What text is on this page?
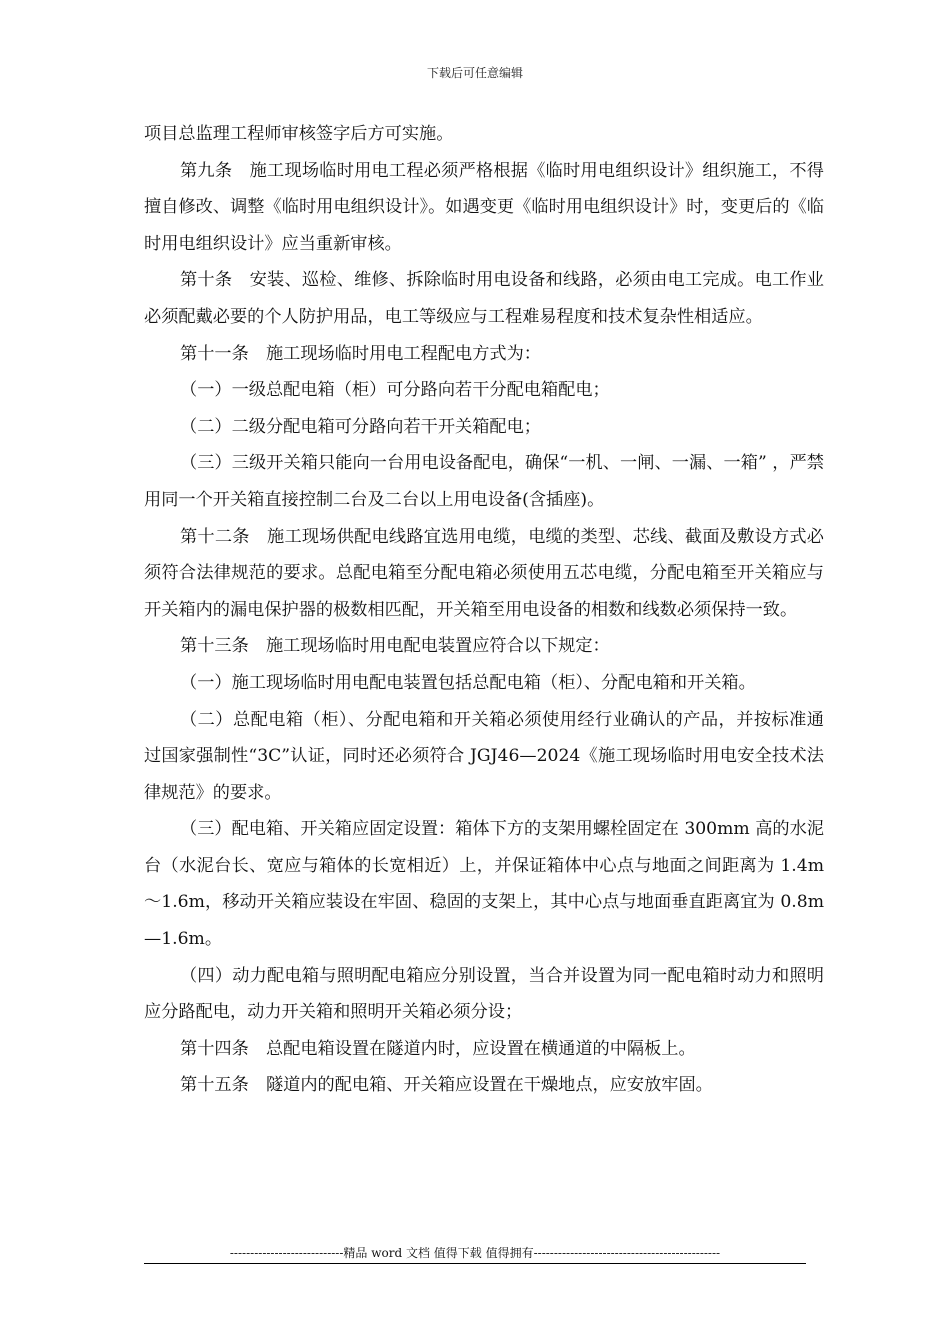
下载后可任意编辑

项目总监理工程师审核签字后方可实施。

第九条　施工现场临时用电工程必须严格根据《临时用电组织设计》组织施工，不得擅自修改、调整《临时用电组织设计》。如遇变更《临时用电组织设计》时，变更后的《临时用电组织设计》应当重新审核。

第十条　安装、巡检、维修、拆除临时用电设备和线路，必须由电工完成。电工作业必须配戴必要的个人防护用品，电工等级应与工程难易程度和技术复杂性相适应。

第十一条　施工现场临时用电工程配电方式为：

（一）一级总配电箱（柜）可分路向若干分配电箱配电；

（二）二级分配电箱可分路向若干开关箱配电；

（三）三级开关箱只能向一台用电设备配电，确保“一机、一闸、一漏、一箱” ，严禁用同一个开关箱直接控制二台及二台以上用电设备(含插座)。

第十二条　施工现场供配电线路宜选用电缆，电缆的类型、芯线、截面及敷设方式必须符合法律规范的要求。总配电箱至分配电箱必须使用五芯电缆，分配电箱至开关箱应与开关箱内的漏电保护器的极数相匹配，开关箱至用电设备的相数和线数必须保持一致。

第十三条　施工现场临时用电配电装置应符合以下规定：

（一）施工现场临时用电配电装置包括总配电箱（柜）、分配电箱和开关箱。

（二）总配电箱（柜）、分配电箱和开关箱必须使用经行业确认的产品，并按标准通过国家强制性“3C”认证，同时还必须符合 JGJ46—2024《施工现场临时用电安全技术法律规范》的要求。

（三）配电箱、开关箱应固定设置：箱体下方的支架用螺栓固定在 300mm 高的水泥台（水泥台长、宽应与箱体的长宽相近）上，并保证箱体中心点与地面之间距离为 1.4m～1.6m，移动开关箱应装设在牢固、稳固的支架上，其中心点与地面垂直距离宜为 0.8m—1.6m。

（四）动力配电箱与照明配电箱应分别设置，当合并设置为同一配电箱时动力和照明应分路配电，动力开关箱和照明开关箱必须分设；

第十四条　总配电箱设置在隧道内时，应设置在横通道的中隔板上。

第十五条　隧道内的配电箱、开关箱应设置在干燥地点，应安放牢固。

----------------------------精品 word 文档 值得下载 值得拥有----------------------------------------------
